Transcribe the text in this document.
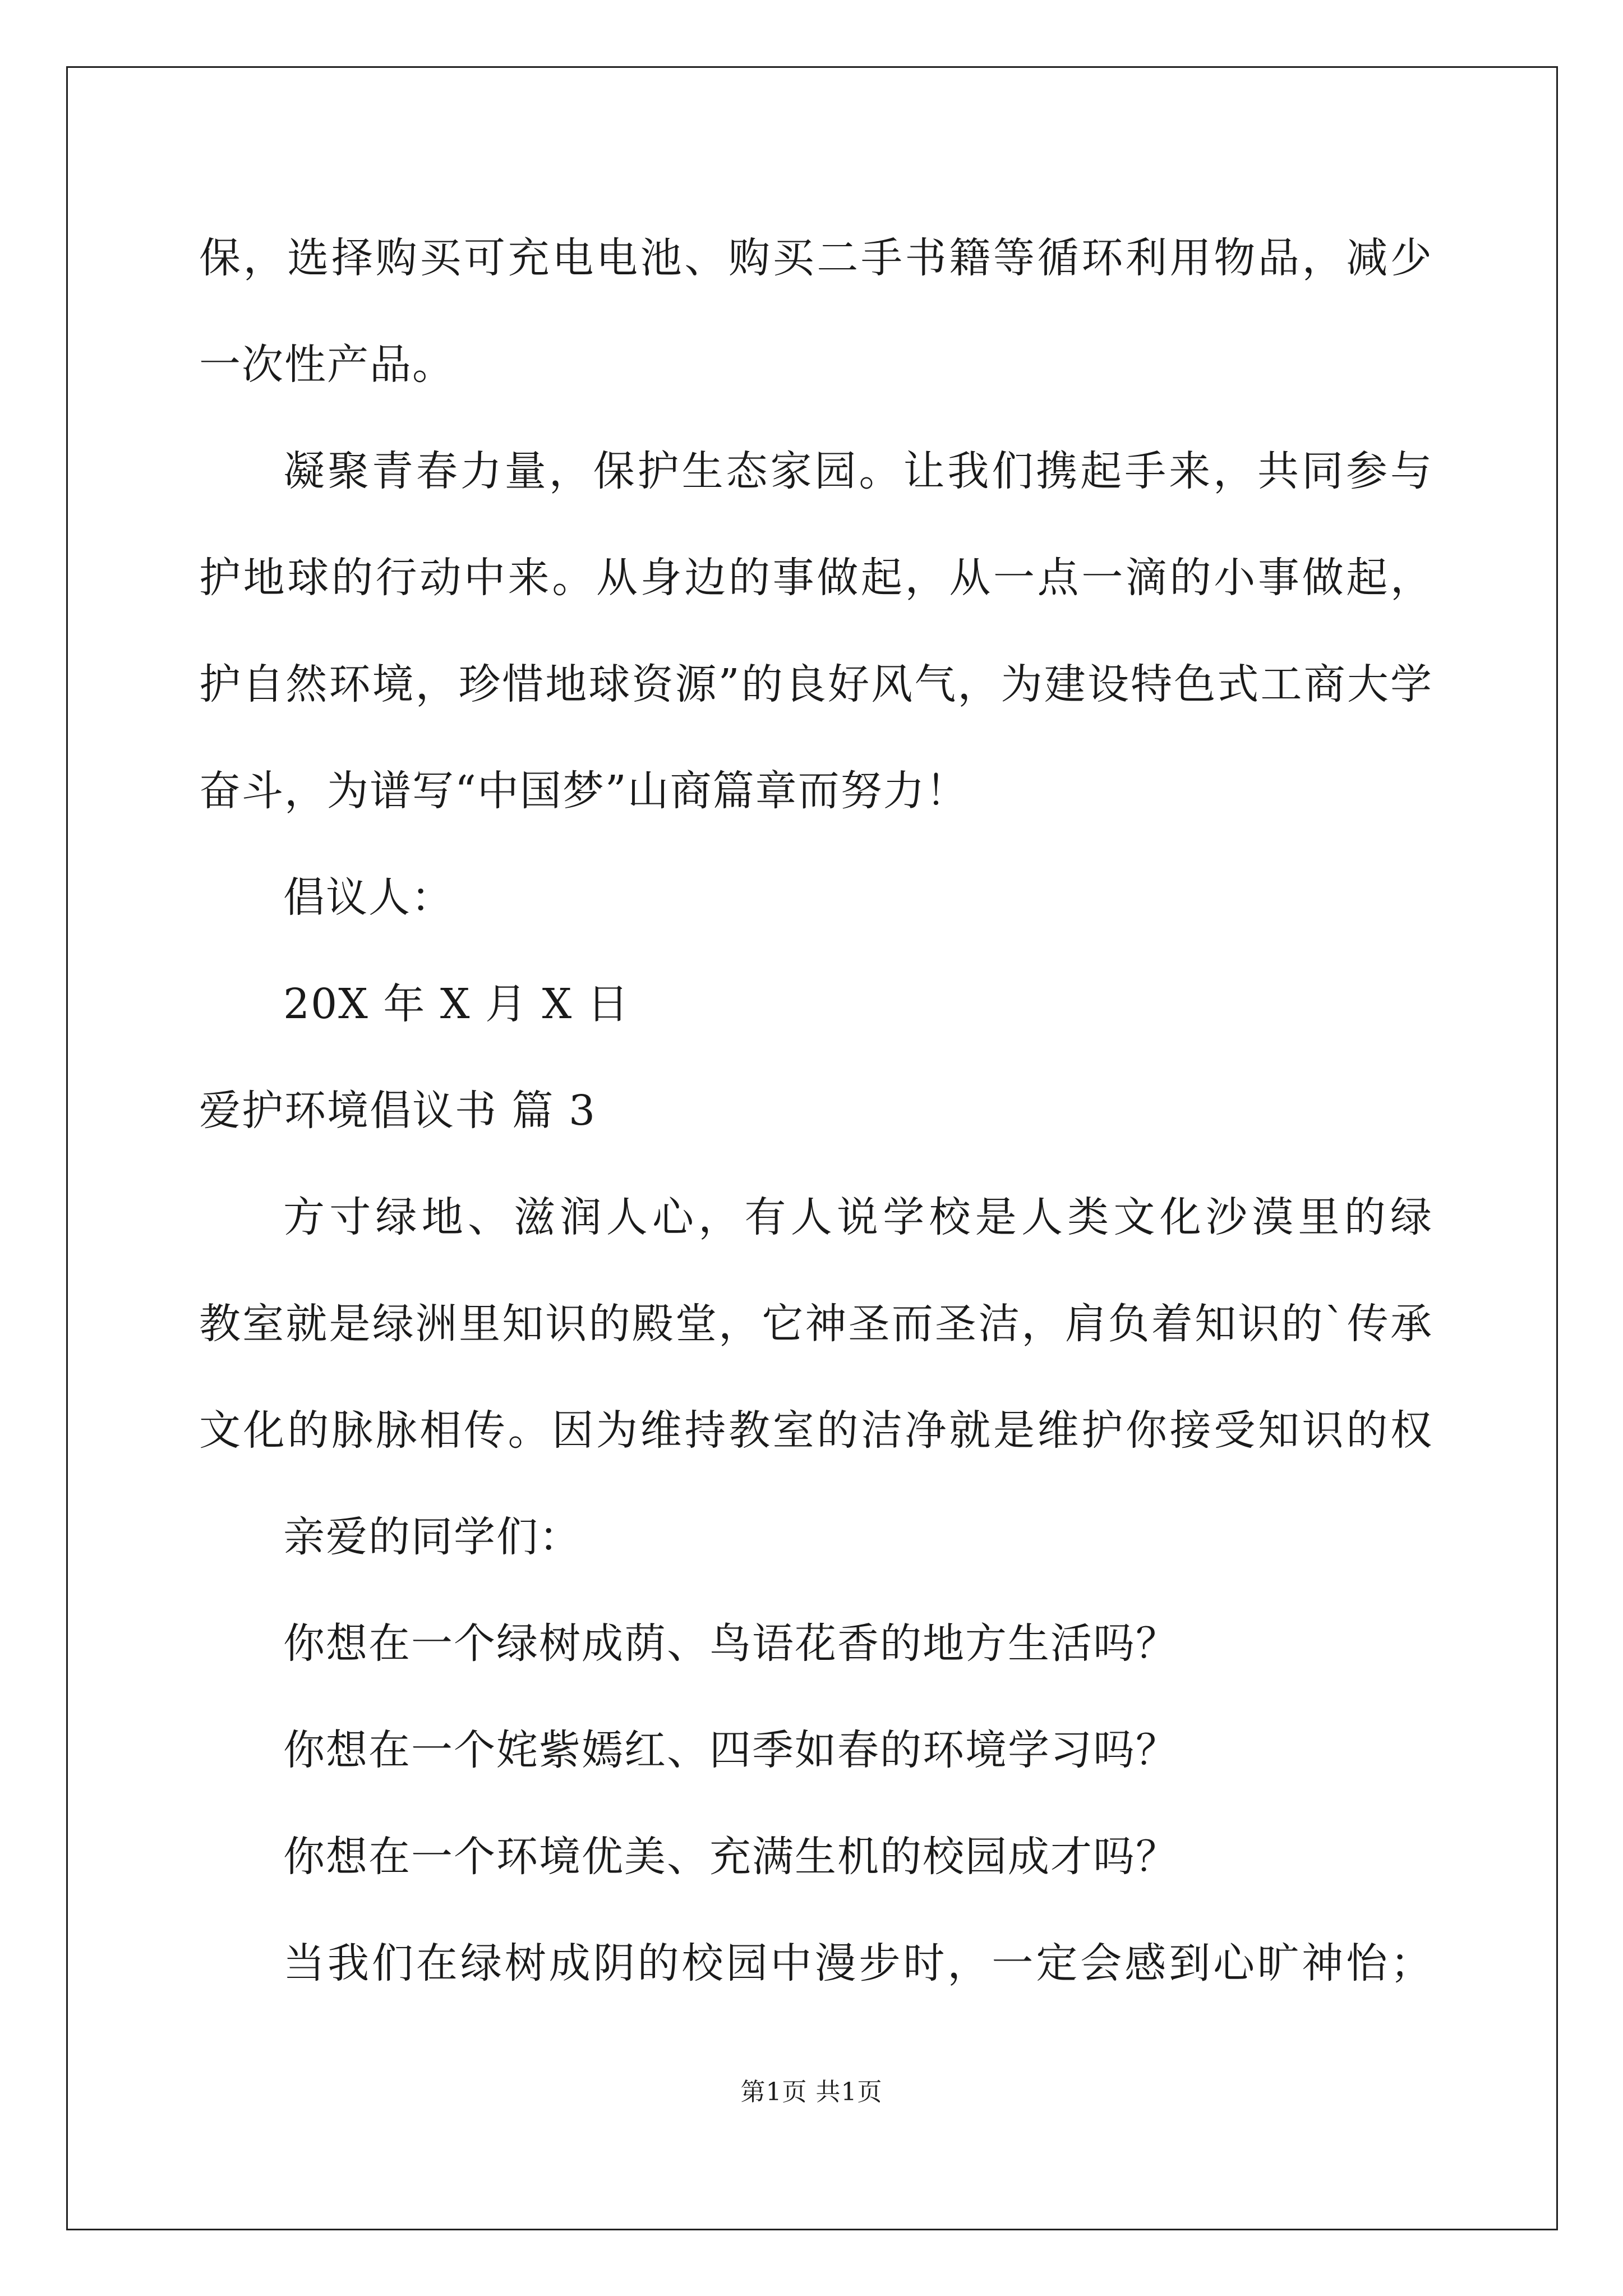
保，选择购买可充电电池、购买二手书籍等循环利用物品，减少
一次性产品。
凝聚青春力量，保护生态家园。让我们携起手来，共同参与
护地球的行动中来。从身边的事做起，从一点一滴的小事做起，
护自然环境，珍惜地球资源”的良好风气，为建设特色式工商大学
奋斗，为谱写“中国梦”山商篇章而努力！
倡议人：
20X 年 X 月 X 日
爱护环境倡议书 篇 3
方寸绿地、滋润人心，有人说学校是人类文化沙漠里的绿
教室就是绿洲里知识的殿堂，它神圣而圣洁，肩负着知识的`传承
文化的脉脉相传。因为维持教室的洁净就是维护你接受知识的权
亲爱的同学们：
你想在一个绿树成荫、鸟语花香的地方生活吗？
你想在一个姹紫嫣红、四季如春的环境学习吗？
你想在一个环境优美、充满生机的校园成才吗？
当我们在绿树成阴的校园中漫步时，一定会感到心旷神怡；
第1页 共1页
